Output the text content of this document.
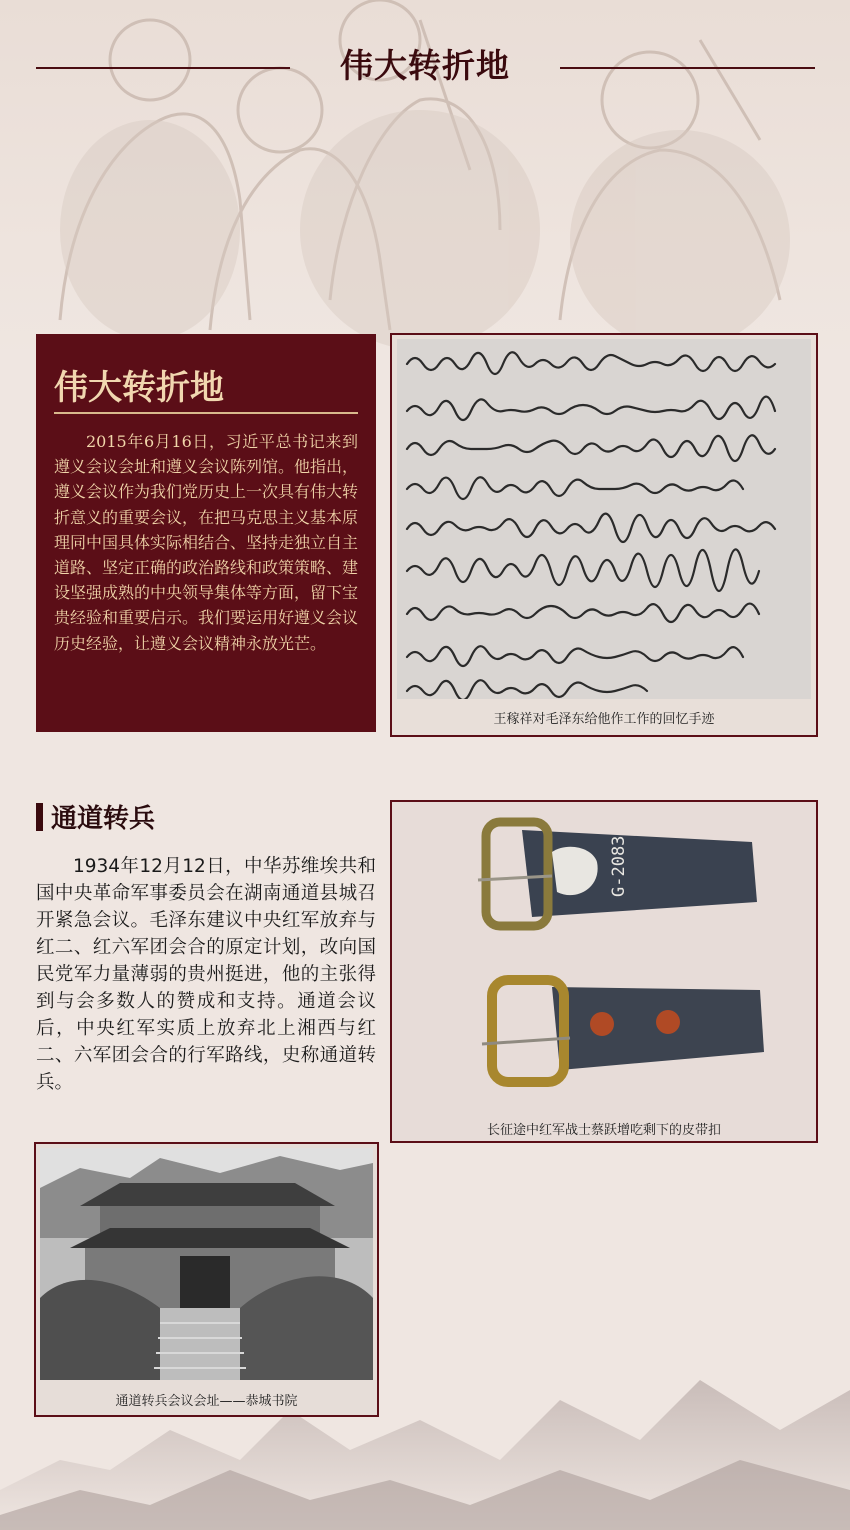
伟大转折地
伟大转折地
2015年6月16日，习近平总书记来到遵义会议会址和遵义会议陈列馆。他指出，遵义会议作为我们党历史上一次具有伟大转折意义的重要会议，在把马克思主义基本原理同中国具体实际相结合、坚持走独立自主道路、坚定正确的政治路线和政策策略、建设坚强成熟的中央领导集体等方面，留下宝贵经验和重要启示。我们要运用好遵义会议历史经验，让遵义会议精神永放光芒。
王稼祥对毛泽东给他作工作的回忆手迹
通道转兵
1934年12月12日，中华苏维埃共和国中央革命军事委员会在湖南通道县城召开紧急会议。毛泽东建议中央红军放弃与红二、红六军团会合的原定计划，改向国民党军力量薄弱的贵州挺进，他的主张得到与会多数人的赞成和支持。通道会议后，中央红军实质上放弃北上湘西与红二、六军团会合的行军路线，史称通道转兵。
G-2083
长征途中红军战士蔡跃增吃剩下的皮带扣
通道转兵会议会址——恭城书院
